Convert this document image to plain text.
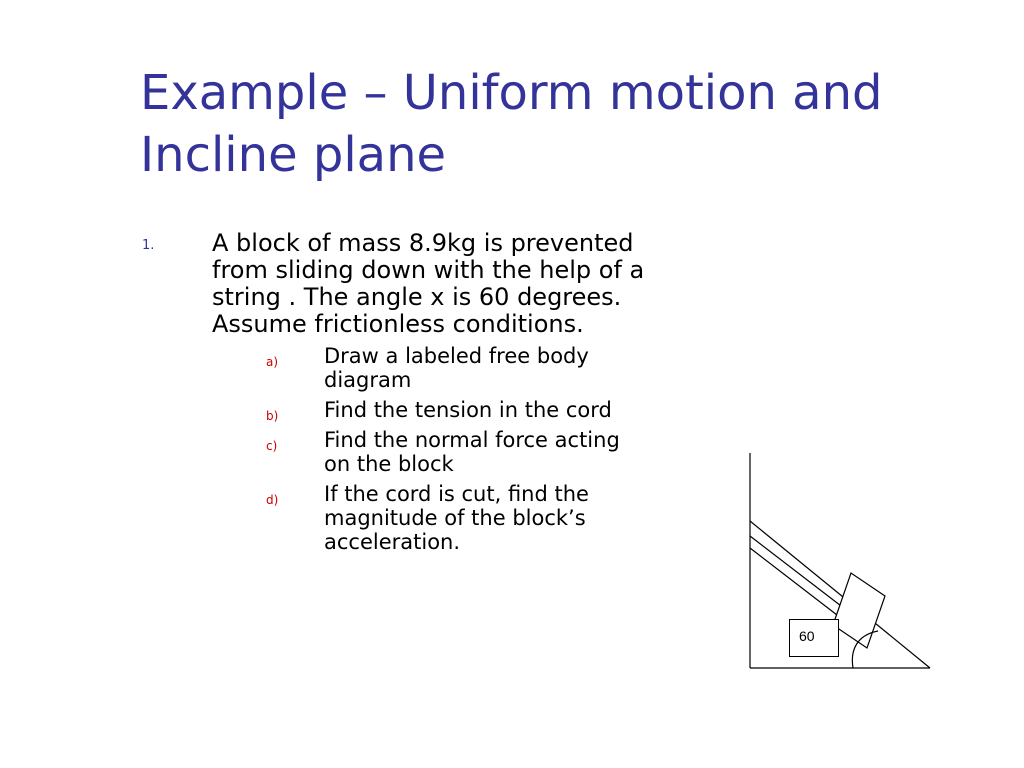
Example – Uniform motion and Incline plane
1. A block of mass 8.9kg is prevented from sliding down with the help of a string . The angle x is 60 degrees. Assume frictionless conditions.
a) Draw a labeled free body diagram
b) Find the tension in the cord
c) Find the normal force acting on the block
d) If the cord is cut, find the magnitude of the block’s acceleration.
60
